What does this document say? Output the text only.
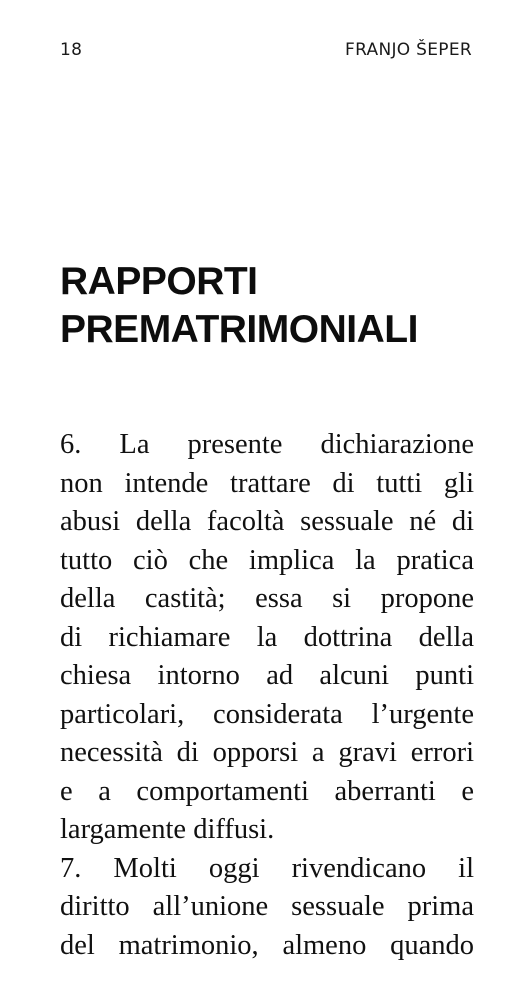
18	FRANJO ŠEPER
RAPPORTI
PREMATRIMONIALI
6. La presente dichiarazione
non intende trattare di tutti gli
abusi della facoltà sessuale né di
tutto ciò che implica la pratica
della castità; essa si propone
di richiamare la dottrina della
chiesa intorno ad alcuni punti
particolari, considerata l’urgente
necessità di opporsi a gravi errori
e a comportamenti aberranti e
largamente diffusi.
7. Molti oggi rivendicano il
diritto all’unione sessuale prima
del matrimonio, almeno quando
